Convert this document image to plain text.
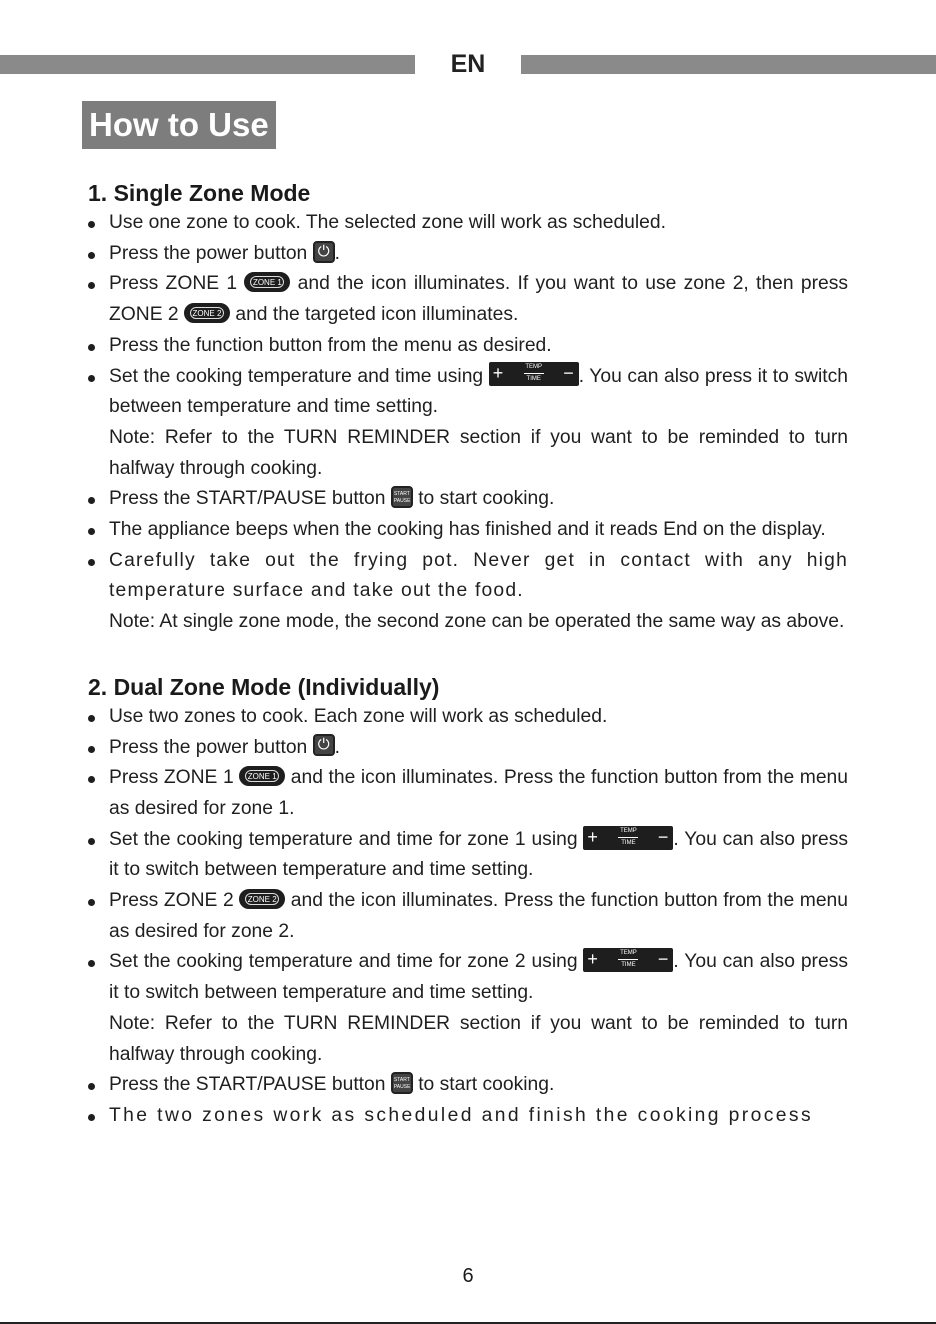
EN
How to Use
1. Single Zone Mode
Use one zone to cook. The selected zone will work as scheduled.
Press the power button ⏻ .
Press ZONE 1	ZONE 1 and the icon illuminates. If you want to use zone 2, then press ZONE 2	ZONE 2 and the targeted icon illuminates.
Press the function button from the menu as desired.
Set the cooking temperature and time using +	TEMP
TIME	− . You can also press it to switch between temperature and time setting.
Note: Refer to the TURN REMINDER section if you want to be reminded to turn halfway through cooking.
Press the START/PAUSE button START
PAUSE to start cooking.
The appliance beeps when the cooking has finished and it reads End on the display.
Carefully take out the frying pot. Never get in contact with any high temperature surface and take out the food.
Note: At single zone mode, the second zone can be operated the same way as above.
2. Dual Zone Mode (Individually)
Use two zones to cook. Each zone will work as scheduled.
Press the power button ⏻ .
Press ZONE 1	ZONE 1 and the icon illuminates. Press the function button from the menu as desired for zone 1.
Set the cooking temperature and time for zone 1 using +	TEMP
TIME	− . You can also press it to switch between temperature and time setting.
Press ZONE 2	ZONE 2 and the icon illuminates. Press the function button from the menu as desired for zone 2.
Set the cooking temperature and time for zone 2 using +	TEMP
TIME	− . You can also press it to switch between temperature and time setting.
Note: Refer to the TURN REMINDER section if you want to be reminded to turn halfway through cooking.
Press the START/PAUSE button START
PAUSE to start cooking.
The two zones work as scheduled and finish the cooking process
6
